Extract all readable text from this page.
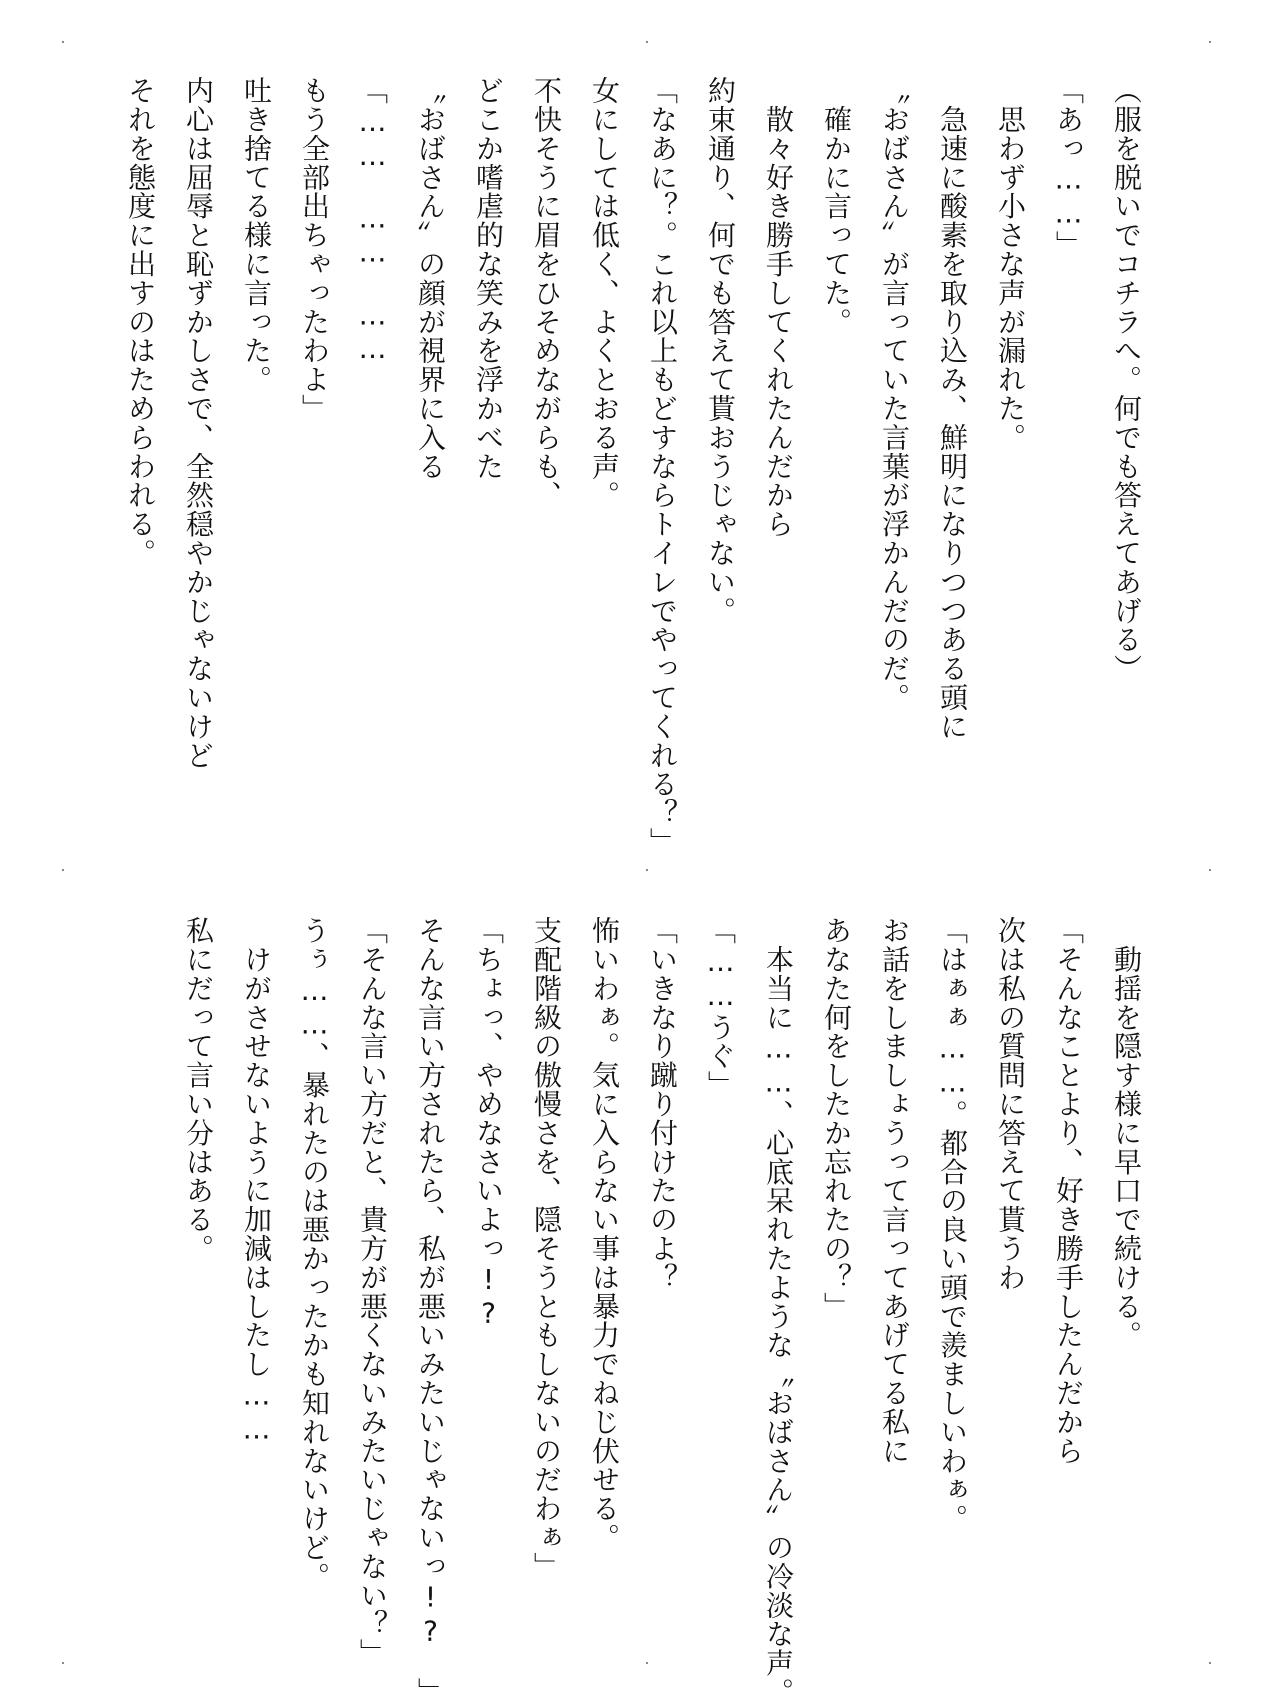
（服を脱いでコチラへ。何でも答えてあげる）
「あっ……」
　思わず小さな声が漏れた。
　急速に酸素を取り込み、鮮明になりつつある頭に
〝おばさん〟が言っていた言葉が浮かんだのだ。
　確かに言ってた。
　散々好き勝手してくれたんだから
約束通り、何でも答えて貰おうじゃない。
「なあに？。これ以上もどすならトイレでやってくれる？」
女にしては低く、よくとおる声。
不快そうに眉をひそめながらも、
どこか嗜虐的な笑みを浮かべた
〝おばさん〟の顔が視界に入る
「……　……　……
もう全部出ちゃったわよ」
吐き捨てる様に言った。
内心は屈辱と恥ずかしさで、全然穏やかじゃないけど
それを態度に出すのはためらわれる。
　動揺を隠す様に早口で続ける。
「そんなことより、好き勝手したんだから
次は私の質問に答えて貰うわ
「はぁぁ……。都合の良い頭で羨ましいわぁ。
お話をしましょうって言ってあげてる私に
あなた何をしたか忘れたの？」
　本当に……、心底呆れたような〝おばさん〟の冷淡な声。
「……うぐ」
「いきなり蹴り付けたのよ？
怖いわぁ。気に入らない事は暴力でねじ伏せる。
支配階級の傲慢さを、隠そうともしないのだわぁ」
「ちょっ、やめなさいよっ!?
そんな言い方されたら、私が悪いみたいじゃないっ!?　」
「そんな言い方だと、貴方が悪くないみたいじゃない？」
うぅ……、暴れたのは悪かったかも知れないけど。
　けがさせないように加減はしたし……
私にだって言い分はある。
